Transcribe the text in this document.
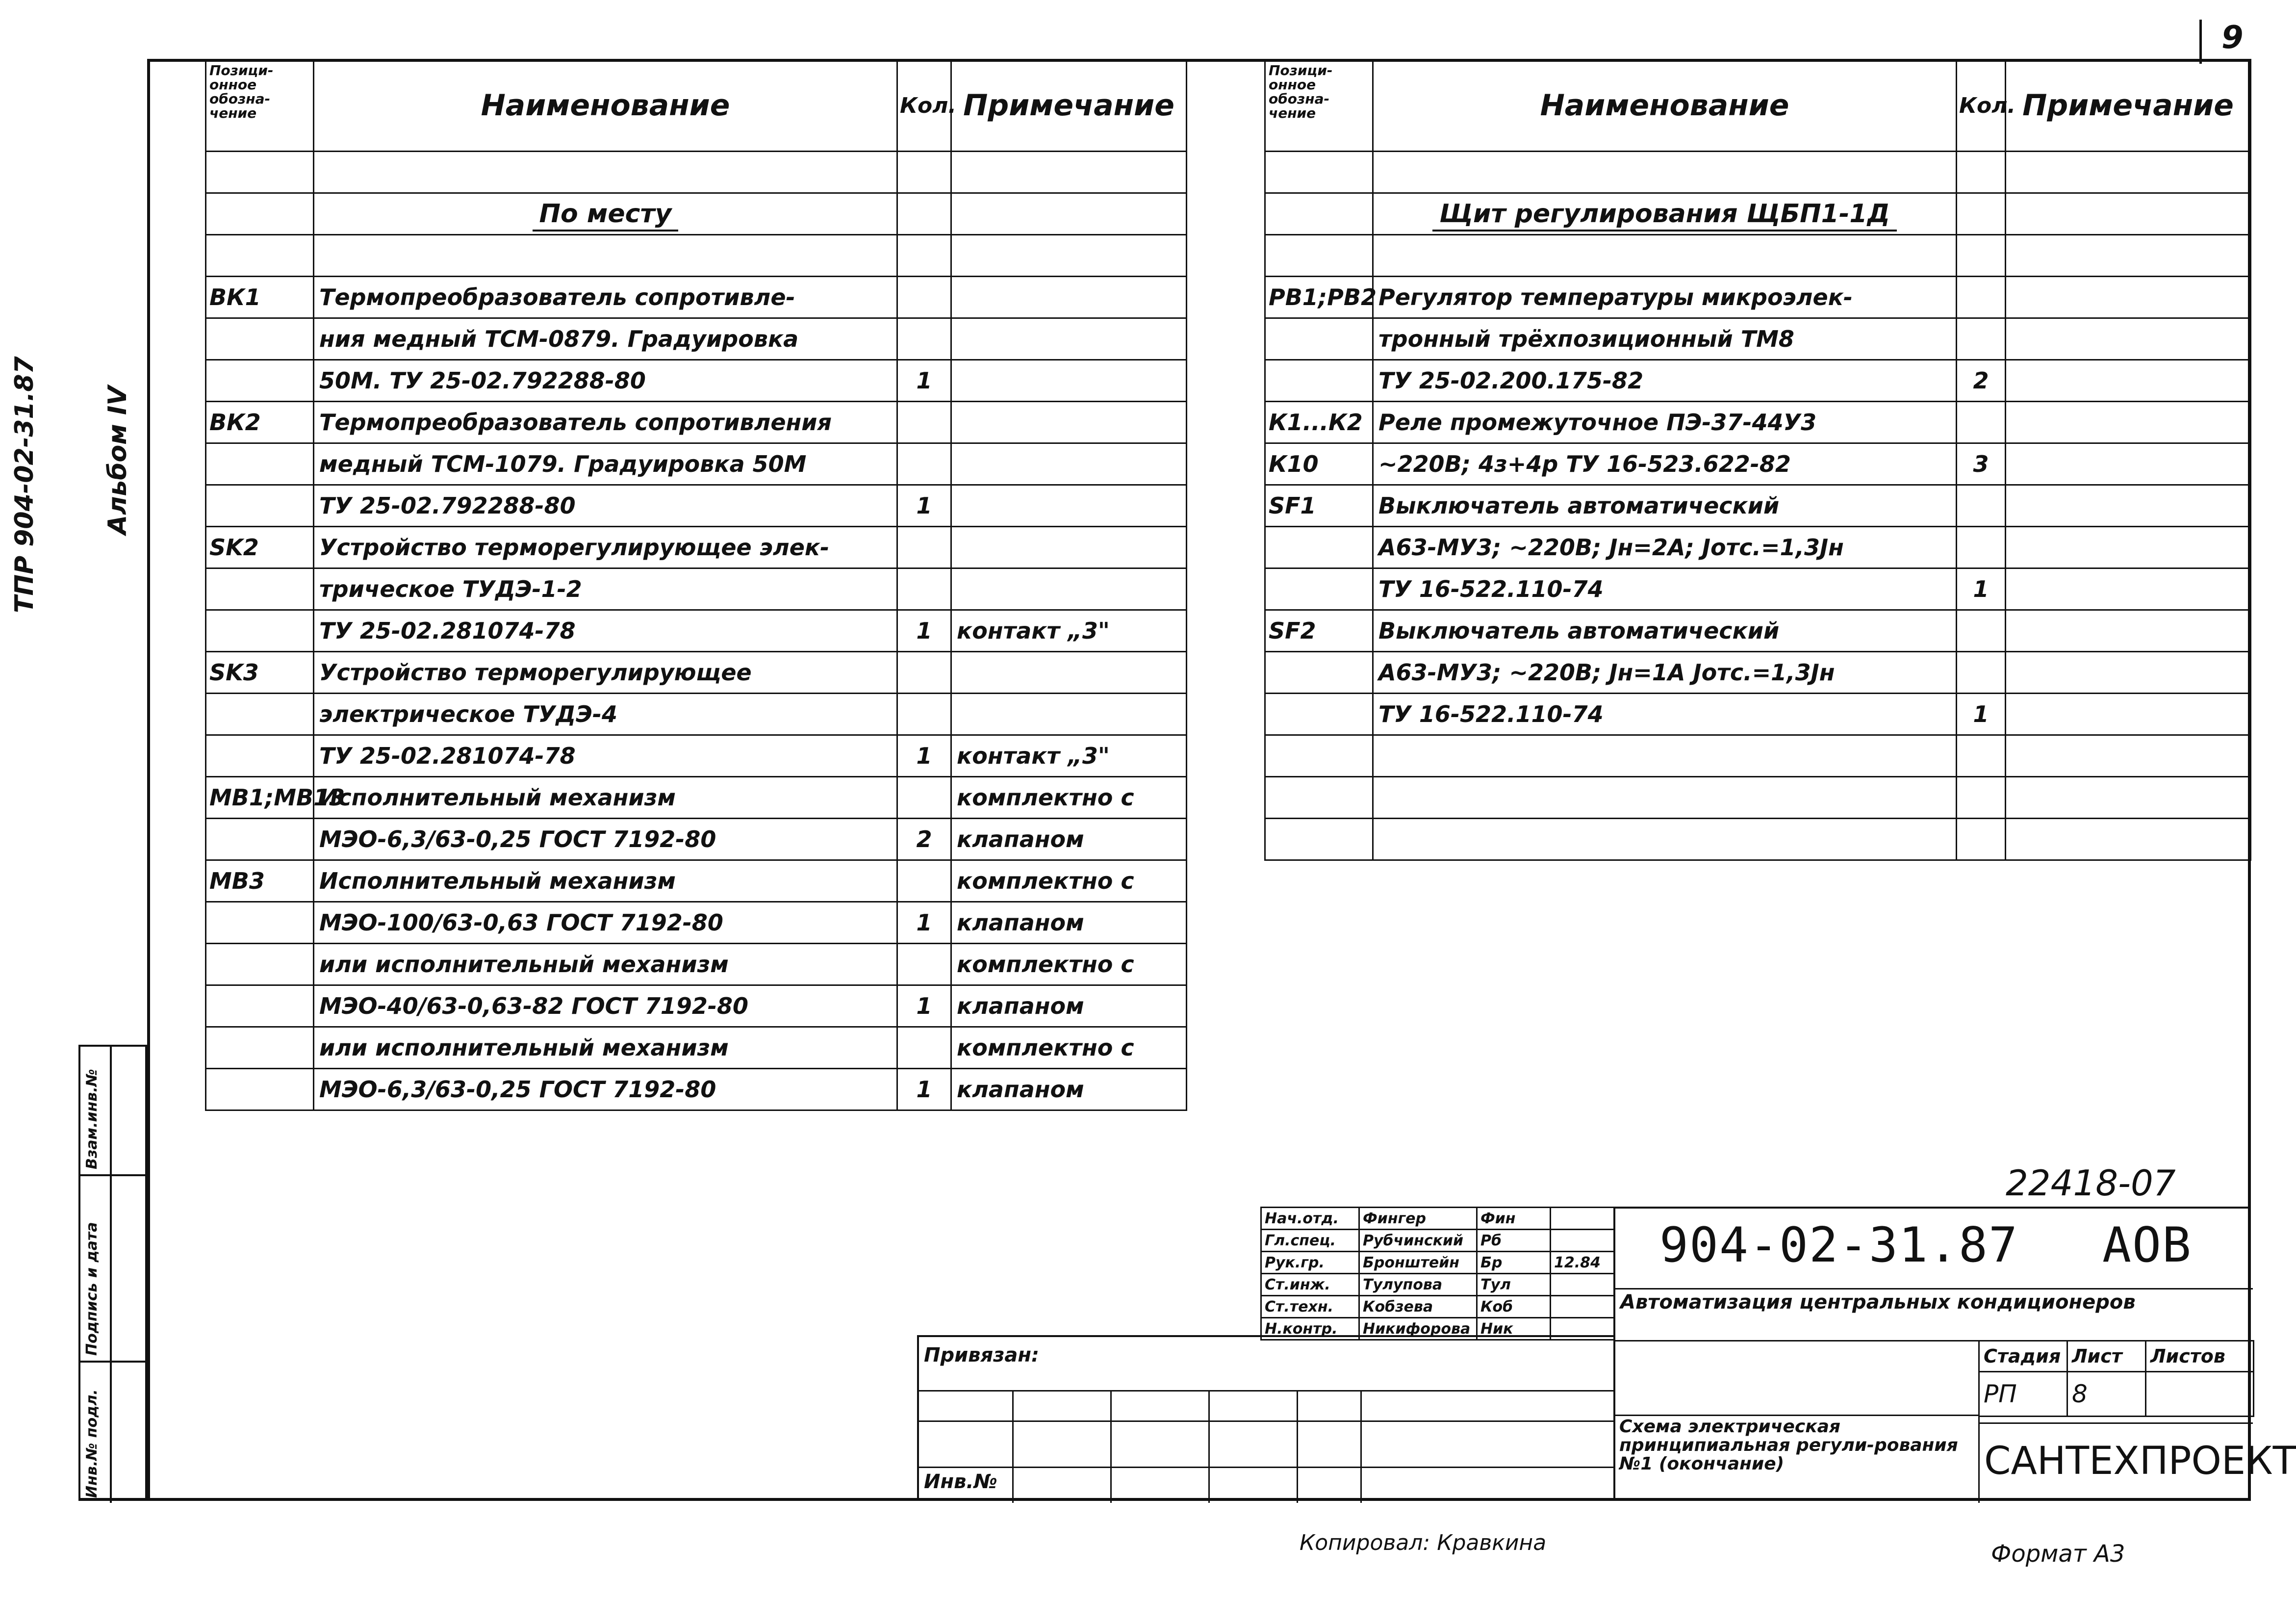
9
ТПР 904-02-31.87	Альбом IV
Взам.инв.№
Подпись и дата
Инв.№ подл.
Позици-онное обозна-чение	Наименование	Кол.	Примечание

	По месту		

ВК1	Термопреобразователь сопротивле-		
	ния медный ТСМ-0879. Градуировка		
	50М. ТУ 25-02.792288-80	1	
ВК2	Термопреобразователь сопротивления		
	медный ТСМ-1079. Градуировка 50М		
	ТУ 25-02.792288-80	1	
SK2	Устройство терморегулирующее элек-		
	трическое ТУДЭ-1-2		
	ТУ 25-02.281074-78	1	контакт „3"
SK3	Устройство терморегулирующее		
	электрическое ТУДЭ-4		
	ТУ 25-02.281074-78	1	контакт „3"
МВ1;МВ13	Исполнительный механизм		комплектно с
	МЭО-6,3/63-0,25 ГОСТ 7192-80	2	клапаном
МВ3	Исполнительный механизм		комплектно с
	МЭО-100/63-0,63 ГОСТ 7192-80	1	клапаном
	или исполнительный механизм		комплектно с
	МЭО-40/63-0,63-82 ГОСТ 7192-80	1	клапаном
	или исполнительный механизм		комплектно с
	МЭО-6,3/63-0,25 ГОСТ 7192-80	1	клапаном
Позици-онное обозна-чение	Наименование	Кол.	Примечание

	Щит регулирования ЩБП1-1Д		

РВ1;РВ2	Регулятор температуры микроэлек-		
	тронный трёхпозиционный ТМ8		
	ТУ 25-02.200.175-82	2	
К1...К2	Реле промежуточное ПЭ-37-44У3		
К10	~220В; 4з+4р ТУ 16-523.622-82	3	
SF1	Выключатель автоматический		
	А63-МУ3; ~220В; Jн=2А; Jотс.=1,3Jн		
	ТУ 16-522.110-74	1	
SF2	Выключатель автоматический		
	А63-МУ3; ~220В; Jн=1А Jотс.=1,3Jн		
	ТУ 16-522.110-74	1	

22418-07
Привязан:
Инв.№
Нач.отд.	Фингер	Фин	
Гл.спец.	Рубчинский	Рб	
Рук.гр.	Бронштейн	Бр	12.84
Ст.инж.	Тулупова	Тул	
Ст.техн.	Кобзева	Коб	
Н.контр.	Никифорова	Ник	
904-02-31.87 АОВ
Автоматизация центральных кондиционеров
Схема электрическая принципиальная регули-рования №1 (окончание)
Стадия	Лист	Листов
РП	8	
САНТЕХПРОЕКТ
Копировал: Кравкина	Формат А3
